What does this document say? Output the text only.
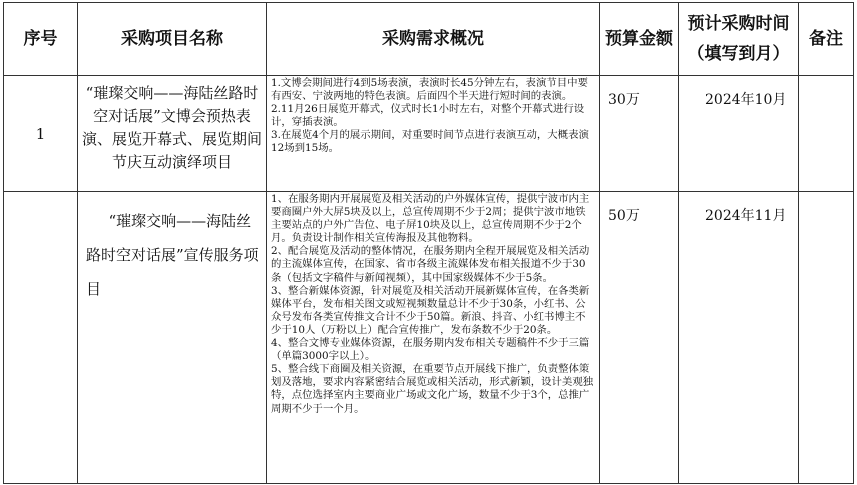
序号	采购项目名称	采购需求概况	预算金额	预计采购时间（填写到月）	备注
1	“璀璨交响——海陆丝路时空对话展”文博会预热表演、展览开幕式、展览期间节庆互动演绎项目	1.文博会期间进行4到5场表演，表演时长45分钟左右，表演节目中要有西安、宁波两地的特色表演。后面四个半天进行短时间的表演。

2.11月26日展览开幕式，仪式时长1小时左右，对整个开幕式进行设计，穿插表演。

3.在展览4个月的展示期间，对重要时间节点进行表演互动，大概表演12场到15场。	30万	2024年10月	
	“璀璨交响——海陆丝路时空对话展”宣传服务项目	1、在服务期内开展展览及相关活动的户外媒体宣传，提供宁波市内主要商圈户外大屏5块及以上，总宣传周期不少于2周；提供宁波市地铁主要站点的户外广告位、电子屏10块及以上，总宣传周期不少于2个月。负责设计制作相关宣传海报及其他物料。

2、配合展览及活动的整体情况，在服务期内全程开展展览及相关活动的主流媒体宣传，在国家、省市各级主流媒体发布相关报道不少于30条（包括文字稿件与新闻视频），其中国家级媒体不少于5条。

3、整合新媒体资源，针对展览及相关活动开展新媒体宣传，在各类新媒体平台，发布相关图文或短视频数量总计不少于30条，小红书、公众号发布各类宣传推文合计不少于50篇。新浪、抖音、小红书博主不少于10人（万粉以上）配合宣传推广，发布条数不少于20条。

4、整合文博专业媒体资源，在服务期内发布相关专题稿件不少于三篇（单篇3000字以上）。

5、整合线下商圈及相关资源，在重要节点开展线下推广，负责整体策划及落地，要求内容紧密结合展览或相关活动，形式新颖，设计美观独特，点位选择室内主要商业广场或文化广场，数量不少于3个，总推广周期不少于一个月。	50万	2024年11月	
